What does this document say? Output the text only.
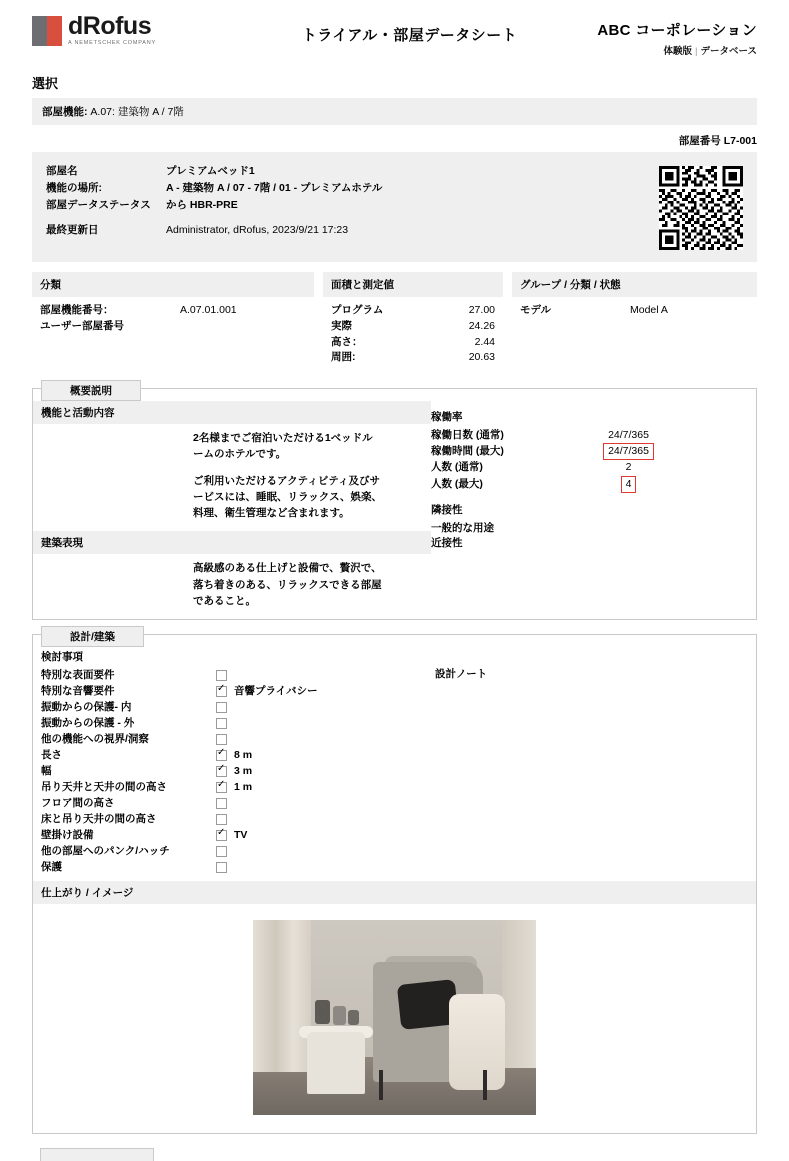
dRofus
A NEMETSCHEK COMPANY	トライアル・部屋データシート	ABC コーポレーション
体験版 | データベース
選択
部屋機能: A.07: 建築物 A / 7階
部屋番号 L7-001
部屋名	プレミアムベッド1
機能の場所:	A - 建築物 A / 07 - 7階 / 01 - プレミアムホテル
部屋データステータス	から HBR-PRE
最終更新日	Administrator, dRofus, 2023/9/21 17:23
分類
部屋機能番号：	A.07.01.001
ユーザー部屋番号
面積と測定値
プログラム	27.00
実際	24.26
高さ：	2.44
周囲:	20.63
グループ / 分類 / 状態
モデル	Model A
概要説明
機能と活動内容

2名様までご宿泊いただける1ベッドルームのホテルです。

ご利用いただけるアクティビティ及びサービスには、睡眠、リラックス、娯楽、料理、衛生管理など含まれます。

建築表現

高級感のある仕上げと設備で、贅沢で、落ち着きのある、リラックスできる部屋であること。

稼働率
稼働日数 (通常)	24/7/365
稼働時間 (最大)	24/7/365
人数 (通常)	2
人数 (最大)	4
隣接性
一般的な用途
近接性
設計/建築
検討事項
特別な表面要件
特別な音響要件 ✓	音響プライバシー
振動からの保護‐ 内
振動からの保護 - 外
他の機能への視界/洞察
長さ ✓	8 m
幅 ✓	3 m
吊り天井と天井の間の高さ ✓	1 m
フロア間の高さ
床と吊り天井の間の高さ
壁掛け設備 ✓	TV
他の部屋へのパンク/ハッチ
保護
設計ノート
仕上がり / イメージ
